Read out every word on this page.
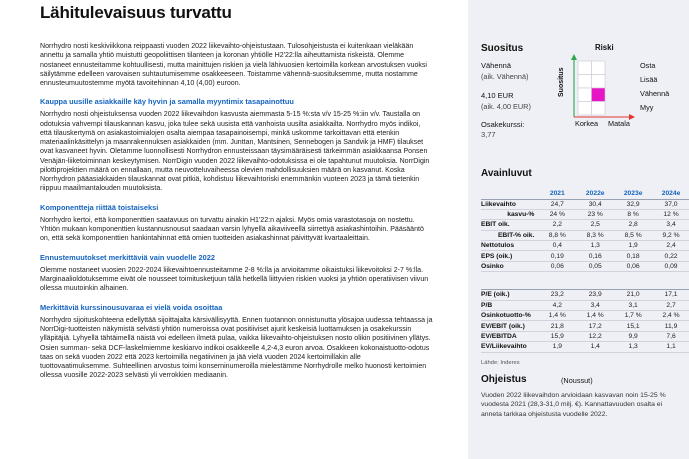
Lähitulevaisuus turvattu

Norrhydro nosti keskiviikkona reippaasti vuoden 2022 liikevaihto-ohjeistustaan. Tulosohjeistusta ei kuitenkaan vieläkään annettu ja samalla yhtiö muistutti geopoliittisen tilanteen ja koronan yhtiölle H2'22:lla aiheuttamista riskeistä. Olemme nostaneet ennusteitamme kohtuullisesti, mutta mainittujen riskien ja vielä lähivuosien kertoimilla korkean arvostuksen vuoksi säilytämme edelleen varovaisen suhtautumisemme osakkeeseen. Toistamme vähennä-suosituksemme, mutta nostamme ennusteumuutostemme myötä tavoitehinnan 4,10 (4,00) euroon.

Kauppa uusille asiakkaille käy hyvin ja samalla myyntimix tasapainottuu

Norrhydro nosti ohjeistuksensa vuoden 2022 liikevaihdon kasvusta aiemmasta 5-15 %:sta v/v 15-25 %:iin v/v. Taustalla on odotuksia vahvempi tilauskannan kasvu, joka tulee sekä uusista että vanhoista uusilta asiakkailta. Norrhydro myös indikoi, että tilauskertymä on asiakastoimialojen osalta aiempaa tasapainoisempi, minkä uskomme tarkoittavan että etenkin materiaalinkäsittelyn ja maanrakennuksen asiakkaiden (mm. Junttan, Mantsinen, Sennebogen ja Sandvik ja HMF) tilaukset ovat kasvaneet hyvin. Oletamme luonnollisesti Norrhydron ennusteissaan täysimääräisesti tärkeimmän asiakkaansa Ponsen Venäjän-liiketoiminnan keskeytymisen. NorrDigin vuoden 2022 liikevaihto-odotuksissa ei ole tapahtunut muutoksia. NorrDigin pilottiprojektien määrä on ennallaan, mutta neuvotteluvaiheessa olevien mahdollisuuksien määrä on kasvanut. Koska Norrhydron pääasiakkaiden tilauskannat ovat pitkiä, kohdistuu liikevaihtoriski enemmänkin vuoteen 2023 ja tämä tietenkin riippuu maailmantalouden muutoksista.

Komponentteja riittää toistaiseksi

Norrhydro kertoi, että komponenttien saatavuus on turvattu ainakin H1'22:n ajaksi. Myös omia varastotasoja on nostettu. Yhtiön mukaan komponenttien kustannusnousut saadaan varsin lyhyellä aikaviiveellä siirrettyä asiakashintoihin. Pääsääntö on, että sekä komponenttien hankintahinnat että omien tuotteiden asiakashinnat päivittyvät kvartaaleittain.

Ennustemuutokset merkittäviä vain vuodelle 2022

Olemme nostaneet vuosien 2022-2024 liikevaihtoennusteitamme 2-8 %:lla ja arvioitamme oikaistuksi liikevoitoksi 2-7 %:lla. Marginaalioldotuksemme eivät ole nousseet toimitusketjuun tällä hetkellä liittyvien riskien vuoksi ja yhtiön operatiivisen viivun ollessa muutoinkin alhainen.

Merkittäviä kurssinousuvaraa ei vielä voida osoittaa

Norrhydro sijoituskohteena edellyttää sijoittajalta kärsivällisyyttä. Ennen tuotannon onnistunutta ylösajoa uudessa tehtaassa ja NorrDigi-tuotteisten näkymistä selvästi yhtiön numeroissa ovat positiiviset ajurit keskeisiä luottamuksen ja osakekurssin ylläpitäjiä. Lyhyellä tähtäimellä näistä voi edelleen ilmetä pulaa, vaikka liikevaihto-ohjeistuksen nosto olikin positiivinen yllätys. Osien summan- sekä DCF-laskelmiemme keskiarvo indikoi osakkeelle 4,2-4,3 euron arvoa. Osakkeen kokonaistuotto-odotus taas on sekä vuoden 2022 että 2023 kertoimilla negatiivinen ja jää vielä vuoden 2024 kertoimillakin alle tuottovaatimuksemme. Suhteellinen arvostus toimi konserninumeroilla mielestämme Norrhydrolle melko huonosti kertoimien ollessa vuosille 2022-2023 selvästi yli verrokkien mediaanin.

Suositus
Vähennä
(aik. Vähennä)
4,10 EUR
(aik. 4,00 EUR)
Osakekurssi:
3,77
Riski
Suositus
Osta
Lisää
Vähennä
Myy
Korkea Matala
Avainluvut
	2021	2022e	2023e	2024e
Liikevaihto	24,7	30,4	32,9	37,0
kasvu-%	24 %	23 %	8 %	12 %
EBIT oik.	2,2	2,5	2,8	3,4
EBIT-% oik.	8,8 %	8,3 %	8,5 %	9,2 %
Nettotulos	0,4	1,3	1,9	2,4
EPS (oik.)	0,19	0,16	0,18	0,22
Osinko	0,06	0,05	0,06	0,09

P/E (oik.)	23,2	23,9	21,0	17,1
P/B	4,2	3,4	3,1	2,7
Osinkotuotto-%	1,4 %	1,4 %	1,7 %	2,4 %
EV/EBIT (oik.)	21,8	17,2	15,1	11,9
EV/EBITDA	15,9	12,2	9,9	7,6
EV/Liikevaihto	1,9	1,4	1,3	1,1
Lähde: Inderes
Ohjeistus	(Noussut)
Vuoden 2022 liikevaihdon arvioidaan kasvavan noin 15-25 % vuodesta 2021 (28,3-31,0 milj. €). Kannattavuuden osalta ei anneta tarkkaa ohjeistusta vuodelle 2022.
